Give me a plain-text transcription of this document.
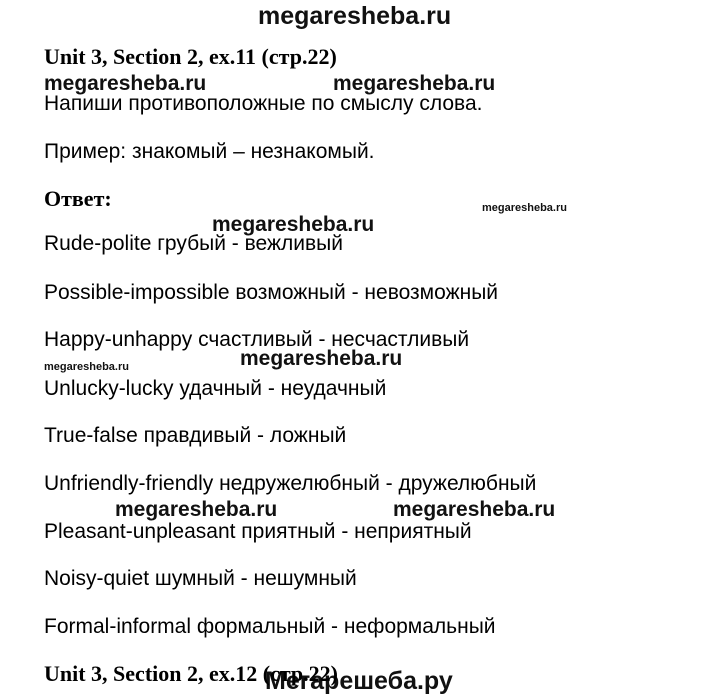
megaresheba.ru
megaresheba.ru	megaresheba.ru
megaresheba.ru
megaresheba.ru
megaresheba.ru	megaresheba.ru
megaresheba.ru	megaresheba.ru
Мегарешеба.ру
Unit 3, Section 2, ex.11 (стр.22)
Напиши противоположные по смыслу слова.
Пример: знакомый – незнакомый.
Ответ:
Rude-polite грубый - вежливый
Possible-impossible возможный - невозможный
Happy-unhappy счастливый - несчастливый
Unlucky-lucky удачный - неудачный
True-false правдивый - ложный
Unfriendly-friendly недружелюбный - дружелюбный
Pleasant-unpleasant приятный - неприятный
Noisy-quiet шумный - нешумный
Formal-informal формальный - неформальный
Unit 3, Section 2, ex.12 (стр.22)
